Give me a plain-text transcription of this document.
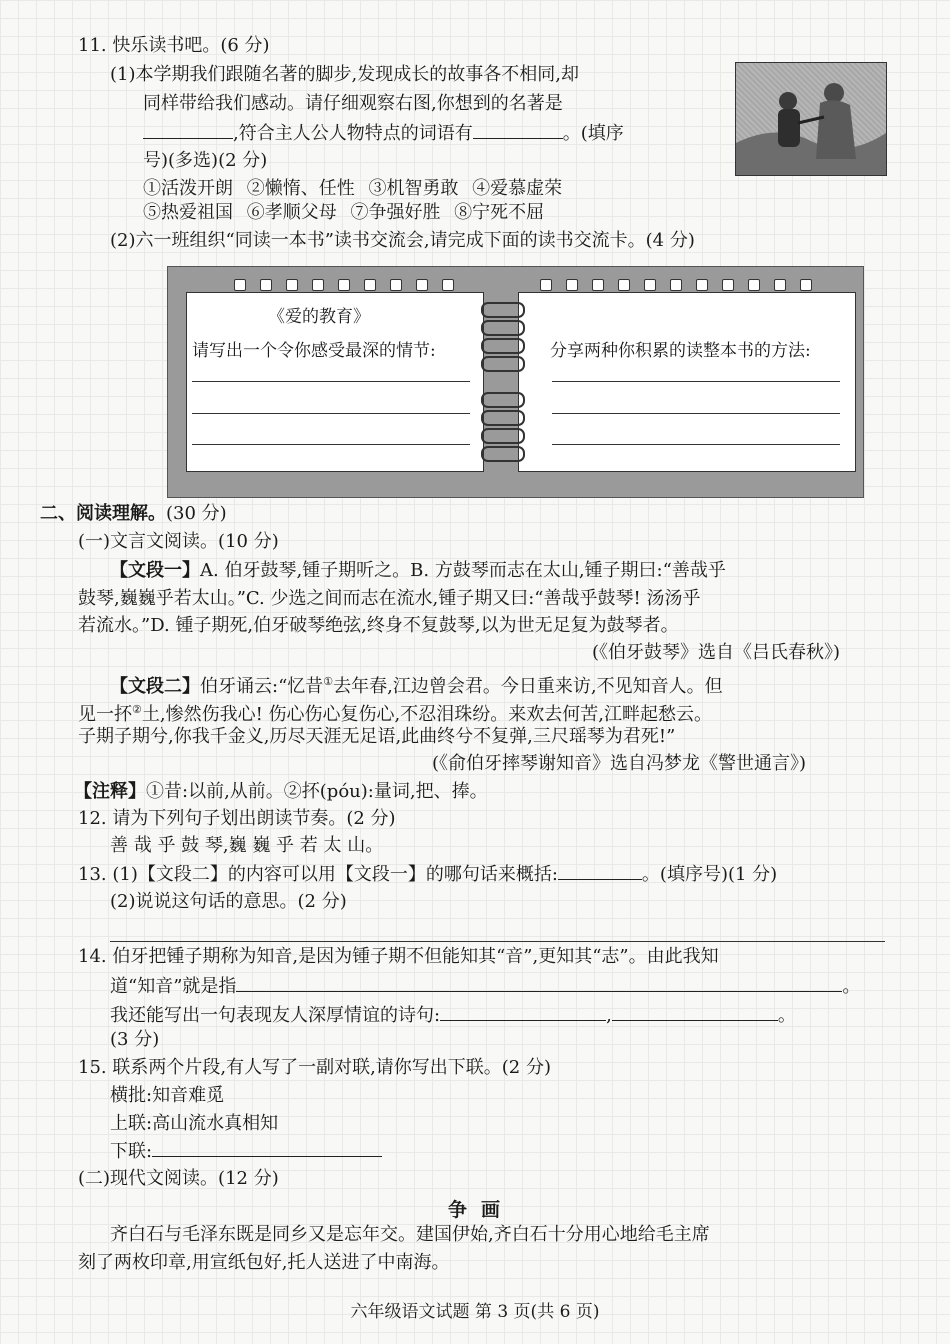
11. 快乐读书吧。(6 分)
(1)本学期我们跟随名著的脚步,发现成长的故事各不相同,却
同样带给我们感动。请仔细观察右图,你想到的名著是
,符合主人公人物特点的词语有	。(填序
号)(多选)(2 分)
①活泼开朗 ②懒惰、任性 ③机智勇敢 ④爱慕虚荣
⑤热爱祖国 ⑥孝顺父母 ⑦争强好胜 ⑧宁死不屈
(2)六一班组织“同读一本书”读书交流会,请完成下面的读书交流卡。(4 分)
《爱的教育》
请写出一个令你感受最深的情节:	分享两种你积累的读整本书的方法:
二、阅读理解。(30 分)
(一)文言文阅读。(10 分)
【文段一】A. 伯牙鼓琴,锺子期听之。B. 方鼓琴而志在太山,锺子期曰:“善哉乎
鼓琴,巍巍乎若太山。”C. 少选之间而志在流水,锺子期又曰:“善哉乎鼓琴! 汤汤乎
若流水。”D. 锺子期死,伯牙破琴绝弦,终身不复鼓琴,以为世无足复为鼓琴者。
(《伯牙鼓琴》选自《吕氏春秋》)
【文段二】伯牙诵云:“忆昔①去年春,江边曾会君。今日重来访,不见知音人。但
见一抔②土,惨然伤我心! 伤心伤心复伤心,不忍泪珠纷。来欢去何苦,江畔起愁云。
子期子期兮,你我千金义,历尽天涯无足语,此曲终兮不复弹,三尺瑶琴为君死!”
(《俞伯牙摔琴谢知音》选自冯梦龙《警世通言》)
【注释】①昔:以前,从前。②抔(póu):量词,把、捧。
12. 请为下列句子划出朗读节奏。(2 分)
善 哉 乎 鼓 琴,巍 巍 乎 若 太 山。
13. (1)【文段二】的内容可以用【文段一】的哪句话来概括:	。(填序号)(1 分)
(2)说说这句话的意思。(2 分)
14. 伯牙把锺子期称为知音,是因为锺子期不但能知其“音”,更知其“志”。由此我知
道“知音”就是指	。
我还能写出一句表现友人深厚情谊的诗句:	,	。
(3 分)
15. 联系两个片段,有人写了一副对联,请你写出下联。(2 分)
横批:知音难觅
上联:高山流水真相知
下联:
(二)现代文阅读。(12 分)
争画
齐白石与毛泽东既是同乡又是忘年交。建国伊始,齐白石十分用心地给毛主席
刻了两枚印章,用宣纸包好,托人送进了中南海。
六年级语文试题 第 3 页(共 6 页)
